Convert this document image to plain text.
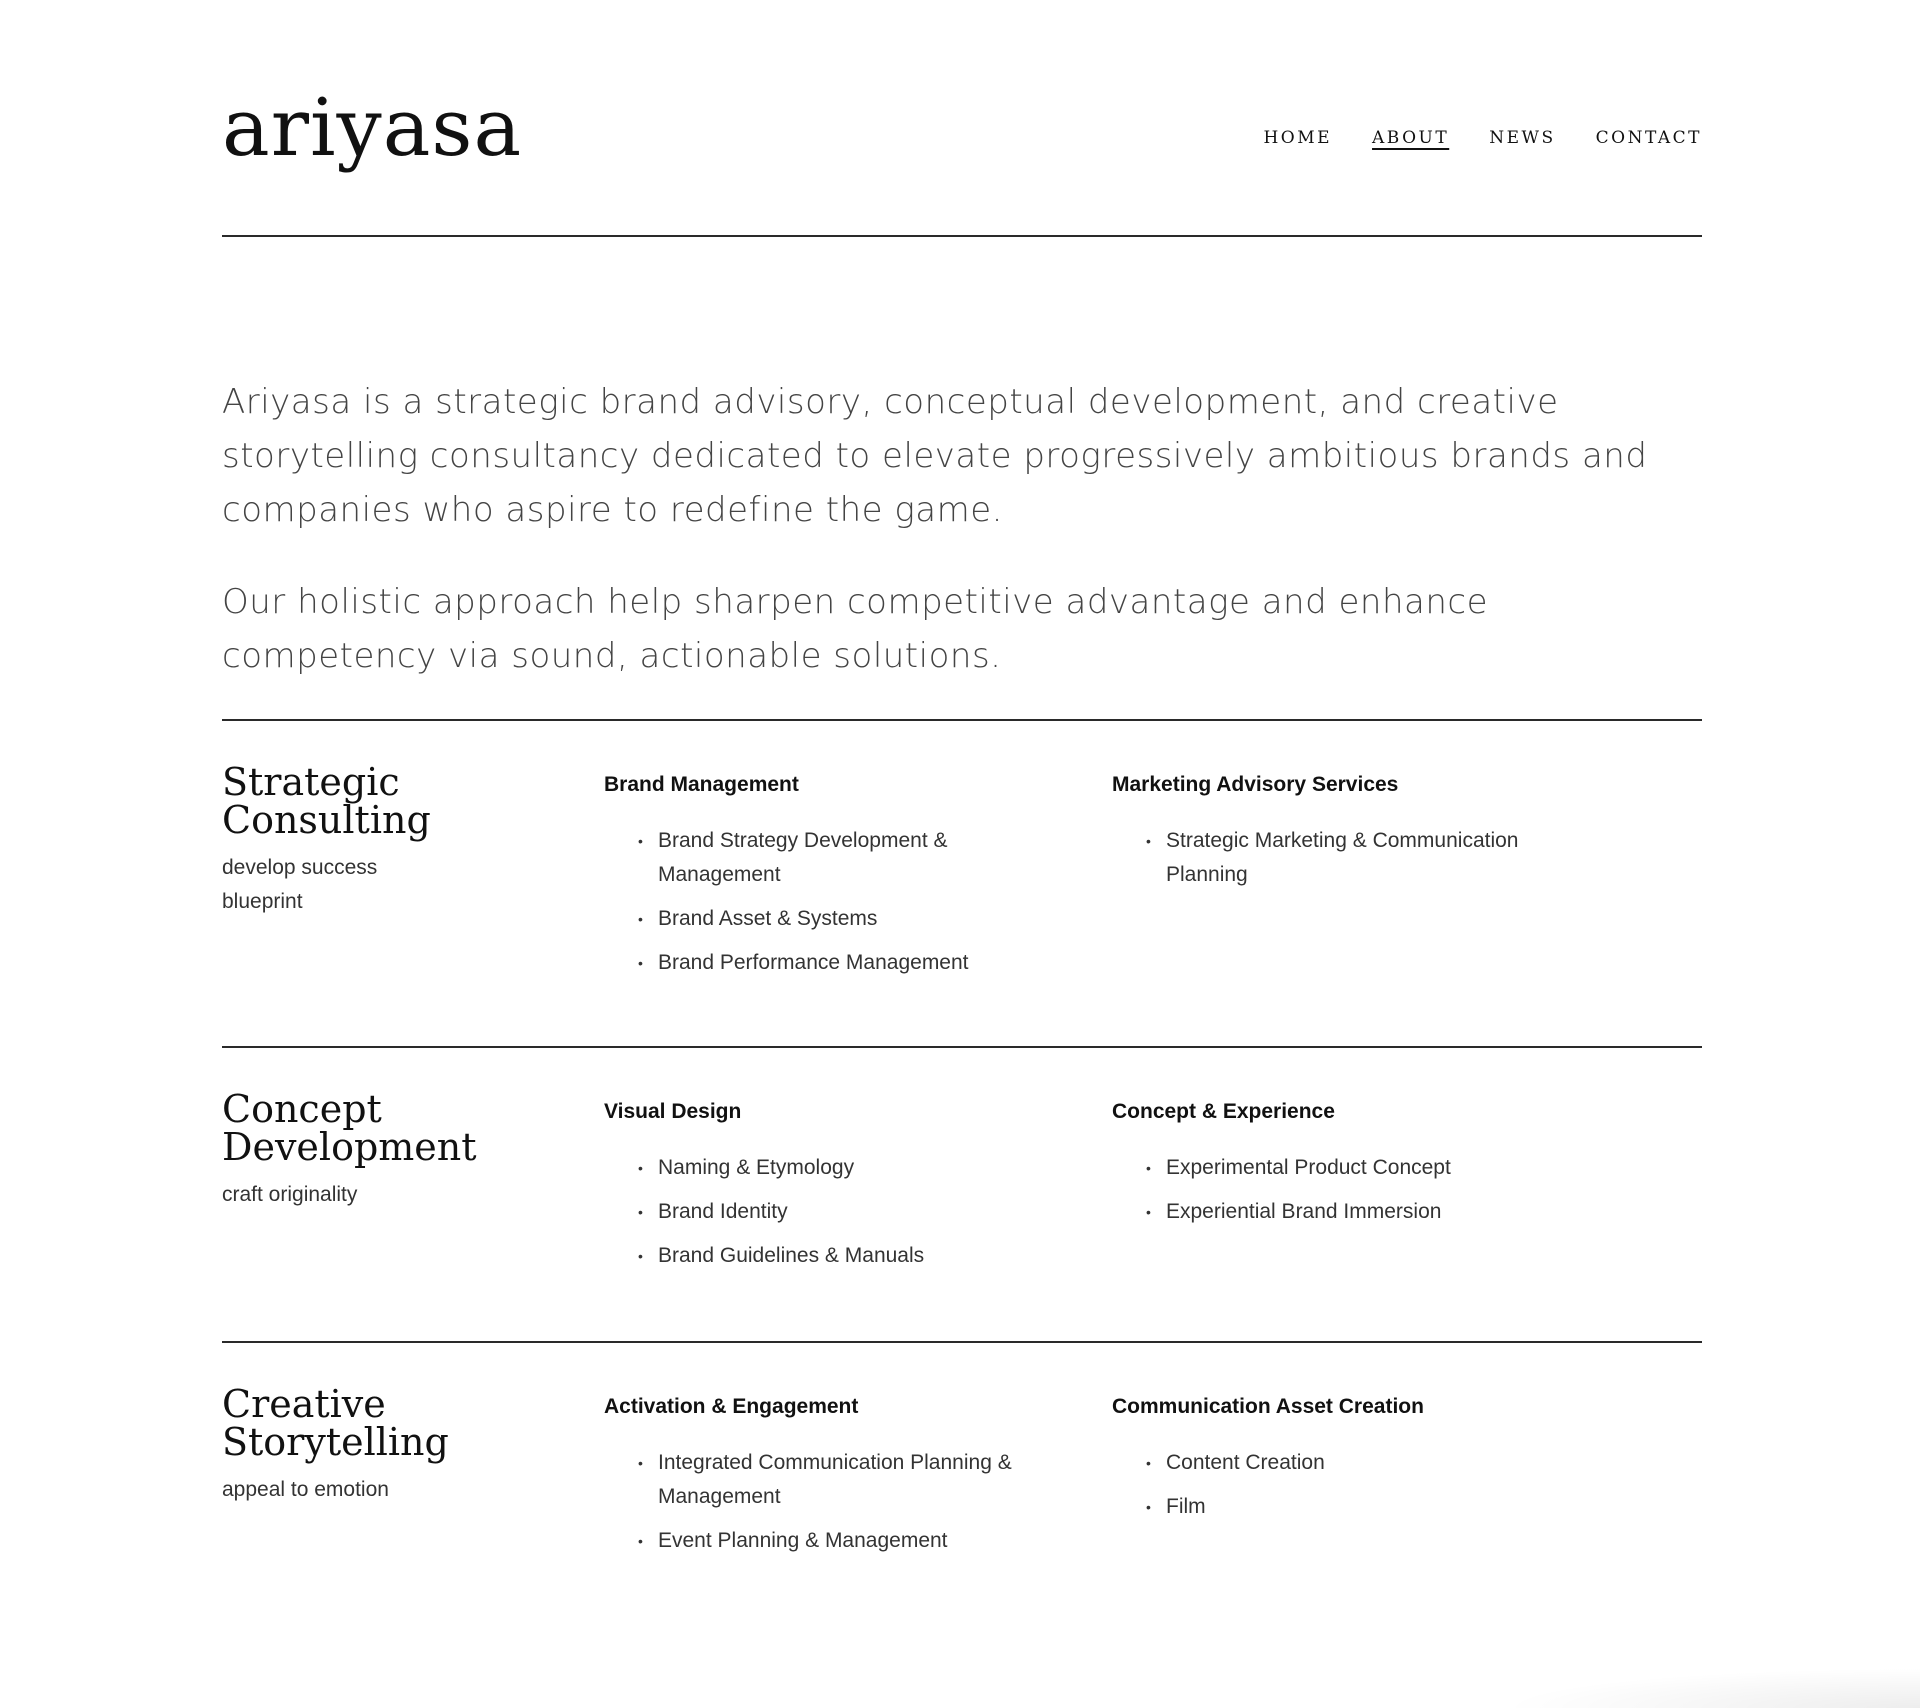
ariyasa	HOME ABOUT NEWS CONTACT

Ariyasa is a strategic brand advisory, conceptual development, and creative storytelling consultancy dedicated to elevate progressively ambitious brands and companies who aspire to redefine the game.

Our holistic approach help sharpen competitive advantage and enhance competency via sound, actionable solutions.

Strategic
Consulting
develop success blueprint
Brand Management
• Brand Strategy Development & Management
• Brand Asset & Systems
• Brand Performance Management
Marketing Advisory Services
• Strategic Marketing & Communication Planning
Concept
Development
craft originality
Visual Design
• Naming & Etymology
• Brand Identity
• Brand Guidelines & Manuals
Concept & Experience
• Experimental Product Concept
• Experiential Brand Immersion
Creative
Storytelling
appeal to emotion
Activation & Engagement
• Integrated Communication Planning & Management
• Event Planning & Management
Communication Asset Creation
• Content Creation
• Film
